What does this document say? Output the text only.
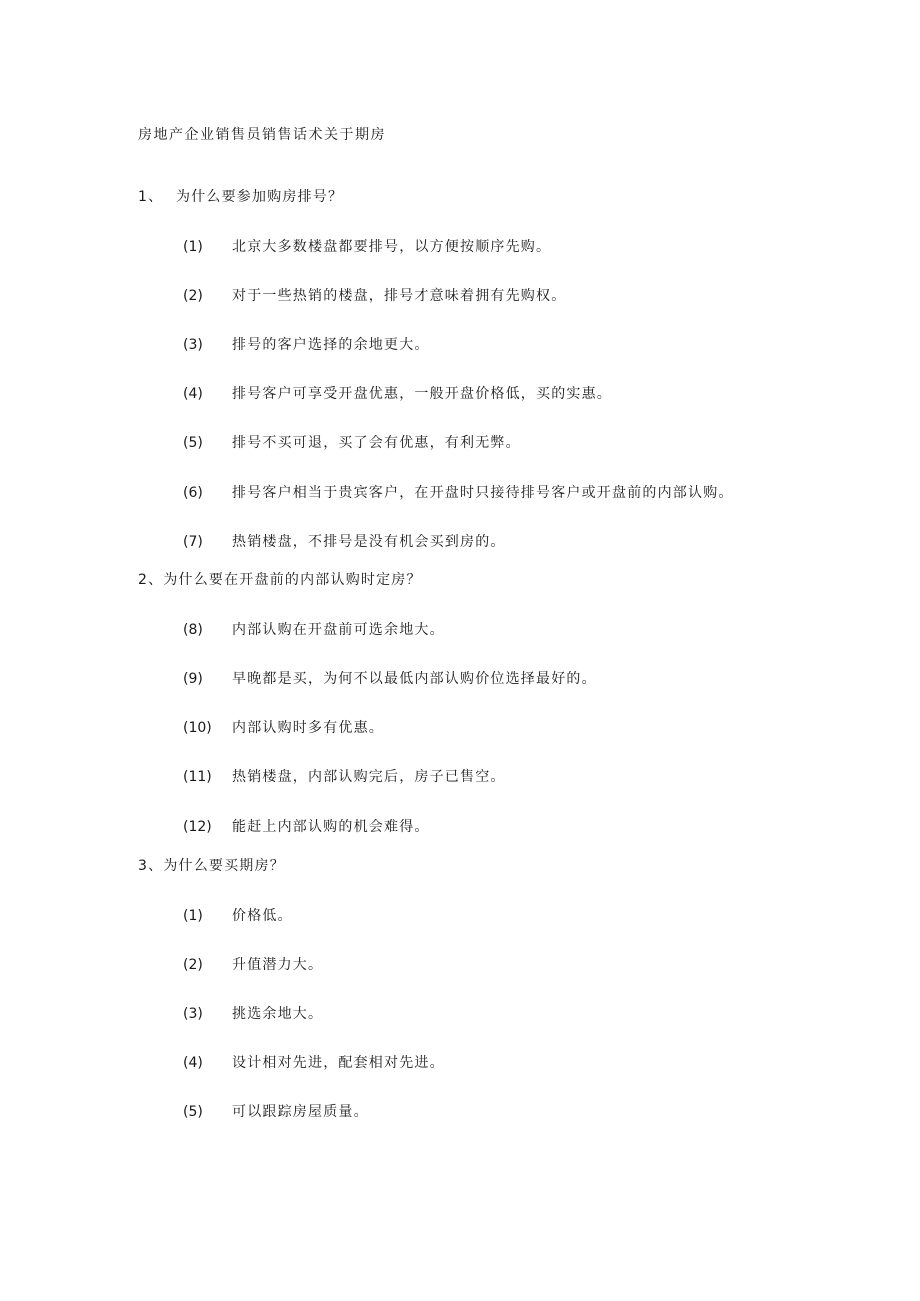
房地产企业销售员销售话术关于期房
1、 为什么要参加购房排号？
(1) 北京大多数楼盘都要排号，以方便按顺序先购。
(2) 对于一些热销的楼盘，排号才意味着拥有先购权。
(3) 排号的客户选择的余地更大。
(4) 排号客户可享受开盘优惠，一般开盘价格低，买的实惠。
(5) 排号不买可退，买了会有优惠，有利无弊。
(6) 排号客户相当于贵宾客户，在开盘时只接待排号客户或开盘前的内部认购。
(7) 热销楼盘，不排号是没有机会买到房的。
2、为什么要在开盘前的内部认购时定房？
(8) 内部认购在开盘前可选余地大。
(9) 早晚都是买，为何不以最低内部认购价位选择最好的。
(10) 内部认购时多有优惠。
(11) 热销楼盘，内部认购完后，房子已售空。
(12) 能赶上内部认购的机会难得。
3、为什么要买期房？
(1) 价格低。
(2) 升值潜力大。
(3) 挑选余地大。
(4) 设计相对先进，配套相对先进。
(5) 可以跟踪房屋质量。
